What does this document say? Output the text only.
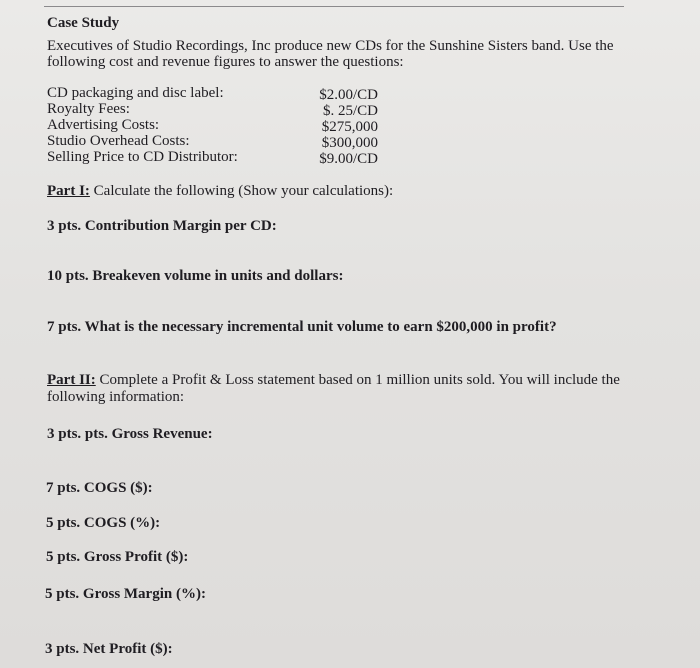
Case Study
Executives of Studio Recordings, Inc produce new CDs for the Sunshine Sisters band. Use the
following cost and revenue figures to answer the questions:
CD packaging and disc label:	$2.00/CD
Royalty Fees:	$. 25/CD
Advertising Costs:	$275,000
Studio Overhead Costs:	$300,000
Selling Price to CD Distributor:	$9.00/CD
Part I: Calculate the following (Show your calculations):
3 pts. Contribution Margin per CD:
10 pts. Breakeven volume in units and dollars:
7 pts. What is the necessary incremental unit volume to earn $200,000 in profit?
Part II: Complete a Profit & Loss statement based on 1 million units sold. You will include the
following information:
3 pts. pts. Gross Revenue:
7 pts. COGS ($):
5 pts. COGS (%):
5 pts. Gross Profit ($):
5 pts. Gross Margin (%):
3 pts. Net Profit ($):
